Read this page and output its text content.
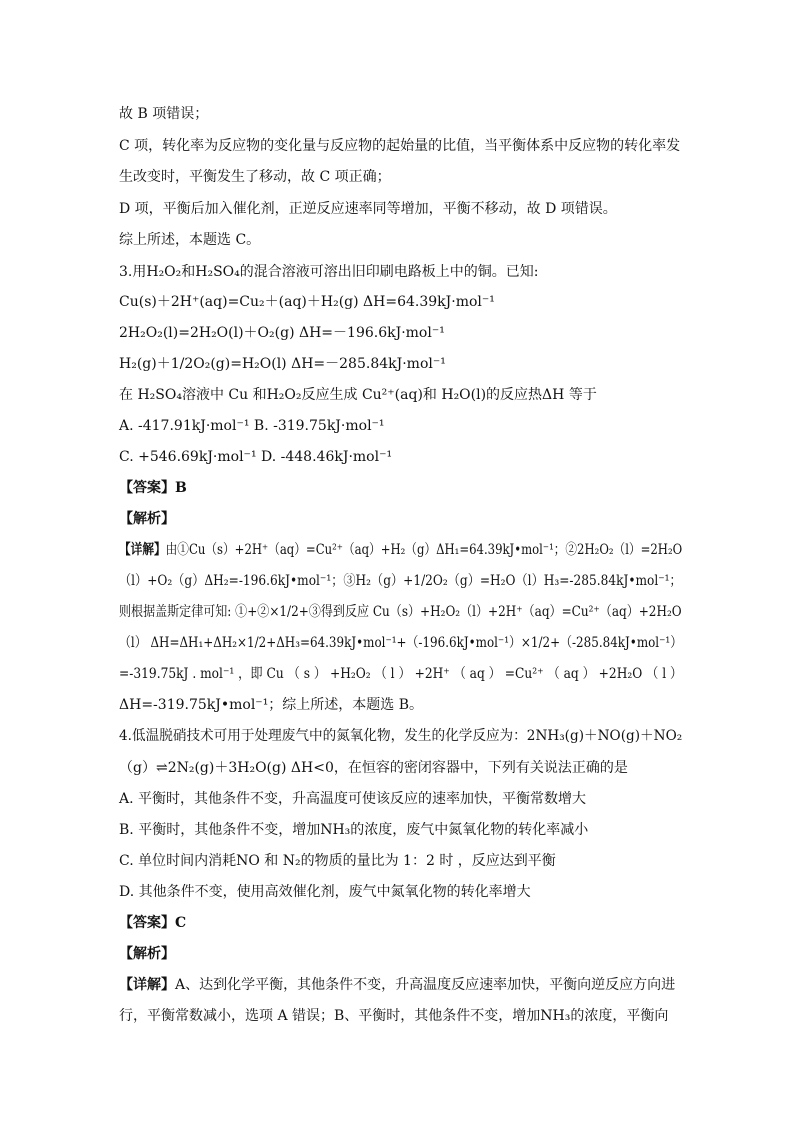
故 B 项错误；
C 项，转化率为反应物的变化量与反应物的起始量的比值，当平衡体系中反应物的转化率发
生改变时，平衡发生了移动，故 C 项正确；
D 项，平衡后加入催化剂，正逆反应速率同等增加，平衡不移动，故 D 项错误。
综上所述，本题选 C。
3.用H₂O₂和H₂SO₄的混合溶液可溶出旧印刷电路板上中的铜。已知:
Cu(s)＋2H⁺(aq)=Cu₂＋(aq)＋H₂(g) ΔH=64.39kJ·mol⁻¹
2H₂O₂(l)=2H₂O(l)＋O₂(g) ΔH=－196.6kJ·mol⁻¹
H₂(g)＋1/2O₂(g)=H₂O(l) ΔH=－285.84kJ·mol⁻¹
在 H₂SO₄溶液中 Cu 和H₂O₂反应生成 Cu²⁺(aq)和 H₂O(l)的反应热ΔH 等于
A. -417.91kJ·mol⁻¹ B. -319.75kJ·mol⁻¹
C. +546.69kJ·mol⁻¹ D. -448.46kJ·mol⁻¹
【答案】B
【解析】
【详解】由①Cu（s）+2H⁺（aq）=Cu²⁺（aq）+H₂（g）ΔH₁=64.39kJ•mol⁻¹；②2H₂O₂（l）=2H₂O
（l）+O₂（g）ΔH₂=-196.6kJ•mol⁻¹；③H₂（g）+1/2O₂（g）=H₂O（l）H₃=-285.84kJ•mol⁻¹；
则根据盖斯定律可知: ①+②×1/2+③得到反应 Cu（s）+H₂O₂（l）+2H⁺（aq）=Cu²⁺（aq）+2H₂O
（l） ΔH=ΔH₁+ΔH₂×1/2+ΔH₃=64.39kJ•mol⁻¹+（-196.6kJ•mol⁻¹）×1/2+（-285.84kJ•mol⁻¹）
=-319.75kJ . mol⁻¹ ，即 Cu （ s ） +H₂O₂ （ l ） +2H⁺ （ aq ） =Cu²⁺ （ aq ） +2H₂O （ l ）
ΔH=-319.75kJ•mol⁻¹；综上所述，本题选 B。
4.低温脱硝技术可用于处理废气中的氮氧化物，发生的化学反应为：2NH₃(g)＋NO(g)＋NO₂
（g）⇌2N₂(g)＋3H₂O(g) ΔH<0，在恒容的密闭容器中，下列有关说法正确的是
A. 平衡时，其他条件不变，升高温度可使该反应的速率加快，平衡常数增大
B. 平衡时，其他条件不变，增加NH₃的浓度，废气中氮氧化物的转化率减小
C. 单位时间内消耗NO 和 N₂的物质的量比为 1：2 时 ，反应达到平衡
D. 其他条件不变，使用高效催化剂，废气中氮氧化物的转化率增大
【答案】C
【解析】
【详解】A、达到化学平衡，其他条件不变，升高温度反应速率加快，平衡向逆反应方向进
行，平衡常数减小，选项 A 错误；B、平衡时，其他条件不变，增加NH₃的浓度，平衡向
